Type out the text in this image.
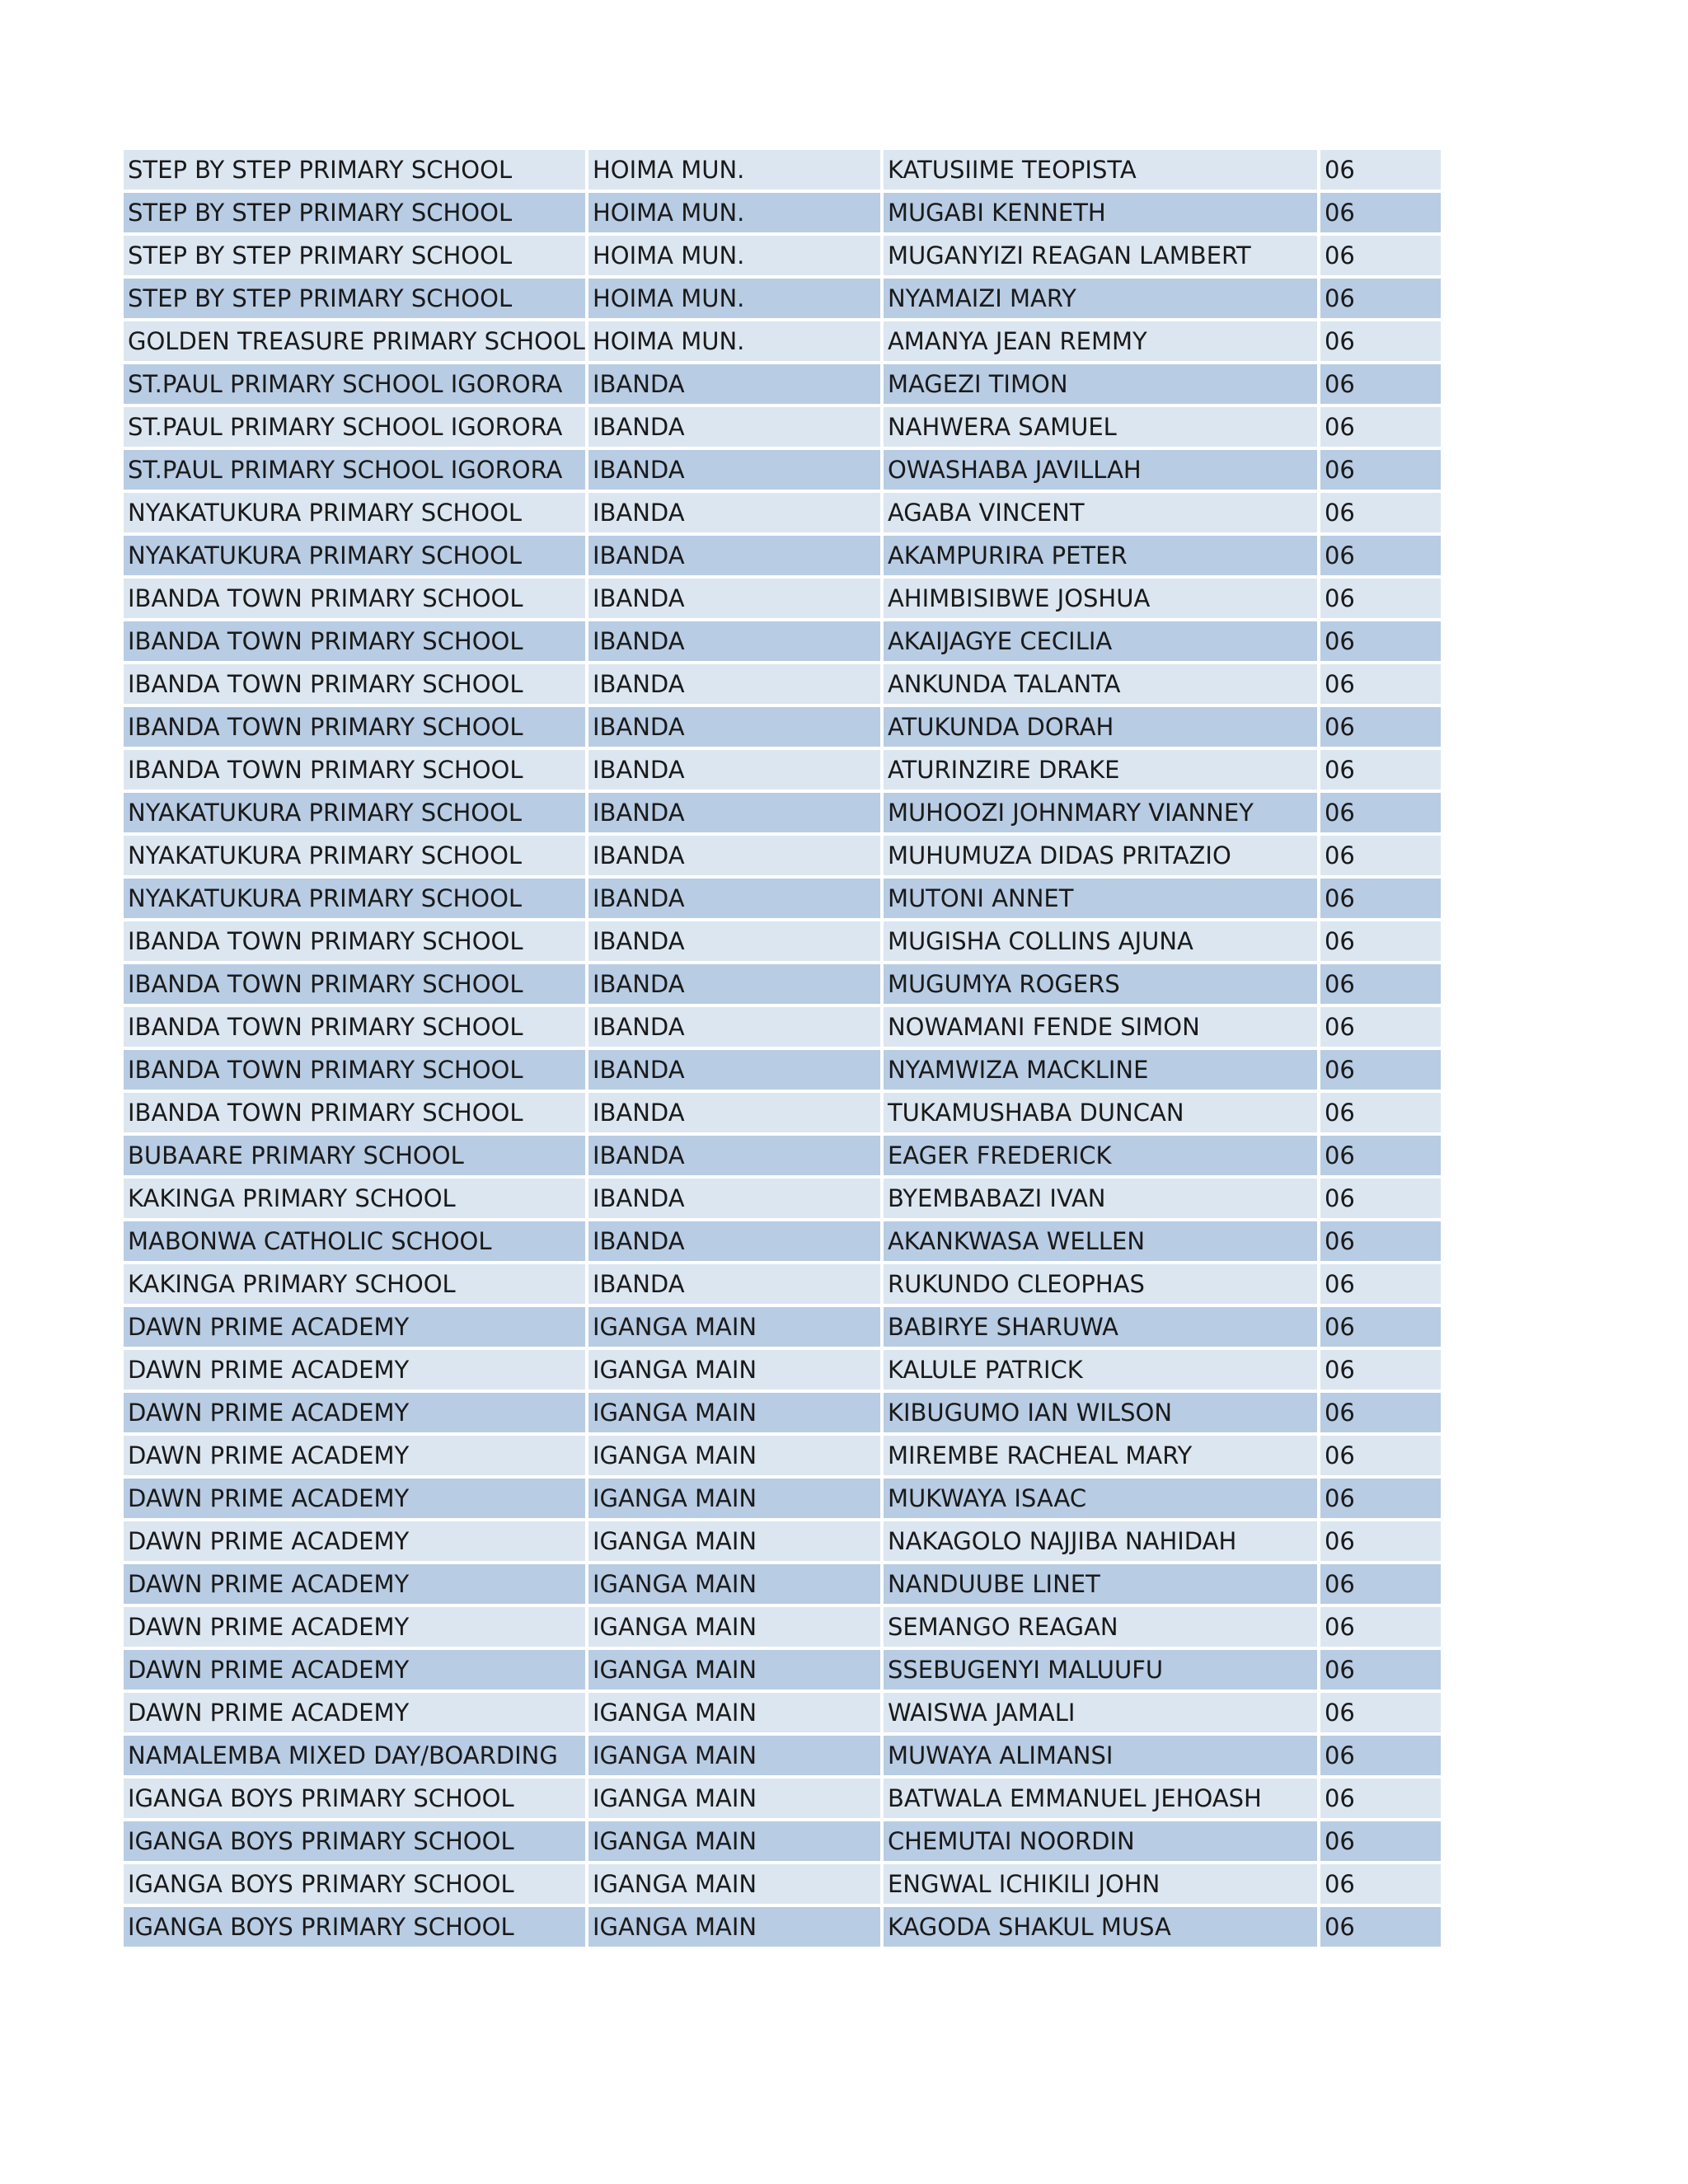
STEP BY STEP PRIMARY SCHOOL	HOIMA MUN.	KATUSIIME TEOPISTA	06
STEP BY STEP PRIMARY SCHOOL	HOIMA MUN.	MUGABI KENNETH	06
STEP BY STEP PRIMARY SCHOOL	HOIMA MUN.	MUGANYIZI REAGAN LAMBERT	06
STEP BY STEP PRIMARY SCHOOL	HOIMA MUN.	NYAMAIZI MARY	06
GOLDEN TREASURE PRIMARY SCHOOL	HOIMA MUN.	AMANYA JEAN REMMY	06
ST.PAUL PRIMARY SCHOOL IGORORA	IBANDA	MAGEZI TIMON	06
ST.PAUL PRIMARY SCHOOL IGORORA	IBANDA	NAHWERA SAMUEL	06
ST.PAUL PRIMARY SCHOOL IGORORA	IBANDA	OWASHABA JAVILLAH	06
NYAKATUKURA PRIMARY SCHOOL	IBANDA	AGABA VINCENT	06
NYAKATUKURA PRIMARY SCHOOL	IBANDA	AKAMPURIRA PETER	06
IBANDA TOWN PRIMARY SCHOOL	IBANDA	AHIMBISIBWE JOSHUA	06
IBANDA TOWN PRIMARY SCHOOL	IBANDA	AKAIJAGYE CECILIA	06
IBANDA TOWN PRIMARY SCHOOL	IBANDA	ANKUNDA TALANTA	06
IBANDA TOWN PRIMARY SCHOOL	IBANDA	ATUKUNDA DORAH	06
IBANDA TOWN PRIMARY SCHOOL	IBANDA	ATURINZIRE DRAKE	06
NYAKATUKURA PRIMARY SCHOOL	IBANDA	MUHOOZI JOHNMARY VIANNEY	06
NYAKATUKURA PRIMARY SCHOOL	IBANDA	MUHUMUZA DIDAS PRITAZIO	06
NYAKATUKURA PRIMARY SCHOOL	IBANDA	MUTONI ANNET	06
IBANDA TOWN PRIMARY SCHOOL	IBANDA	MUGISHA COLLINS AJUNA	06
IBANDA TOWN PRIMARY SCHOOL	IBANDA	MUGUMYA ROGERS	06
IBANDA TOWN PRIMARY SCHOOL	IBANDA	NOWAMANI FENDE SIMON	06
IBANDA TOWN PRIMARY SCHOOL	IBANDA	NYAMWIZA MACKLINE	06
IBANDA TOWN PRIMARY SCHOOL	IBANDA	TUKAMUSHABA DUNCAN	06
BUBAARE PRIMARY SCHOOL	IBANDA	EAGER FREDERICK	06
KAKINGA PRIMARY SCHOOL	IBANDA	BYEMBABAZI IVAN	06
MABONWA CATHOLIC SCHOOL	IBANDA	AKANKWASA WELLEN	06
KAKINGA PRIMARY SCHOOL	IBANDA	RUKUNDO CLEOPHAS	06
DAWN PRIME ACADEMY	IGANGA MAIN	BABIRYE SHARUWA	06
DAWN PRIME ACADEMY	IGANGA MAIN	KALULE PATRICK	06
DAWN PRIME ACADEMY	IGANGA MAIN	KIBUGUMO IAN WILSON	06
DAWN PRIME ACADEMY	IGANGA MAIN	MIREMBE RACHEAL MARY	06
DAWN PRIME ACADEMY	IGANGA MAIN	MUKWAYA ISAAC	06
DAWN PRIME ACADEMY	IGANGA MAIN	NAKAGOLO NAJJIBA NAHIDAH	06
DAWN PRIME ACADEMY	IGANGA MAIN	NANDUUBE LINET	06
DAWN PRIME ACADEMY	IGANGA MAIN	SEMANGO REAGAN	06
DAWN PRIME ACADEMY	IGANGA MAIN	SSEBUGENYI MALUUFU	06
DAWN PRIME ACADEMY	IGANGA MAIN	WAISWA JAMALI	06
NAMALEMBA MIXED DAY/BOARDING	IGANGA MAIN	MUWAYA ALIMANSI	06
IGANGA BOYS PRIMARY SCHOOL	IGANGA MAIN	BATWALA EMMANUEL JEHOASH	06
IGANGA BOYS PRIMARY SCHOOL	IGANGA MAIN	CHEMUTAI NOORDIN	06
IGANGA BOYS PRIMARY SCHOOL	IGANGA MAIN	ENGWAL ICHIKILI JOHN	06
IGANGA BOYS PRIMARY SCHOOL	IGANGA MAIN	KAGODA SHAKUL MUSA	06
